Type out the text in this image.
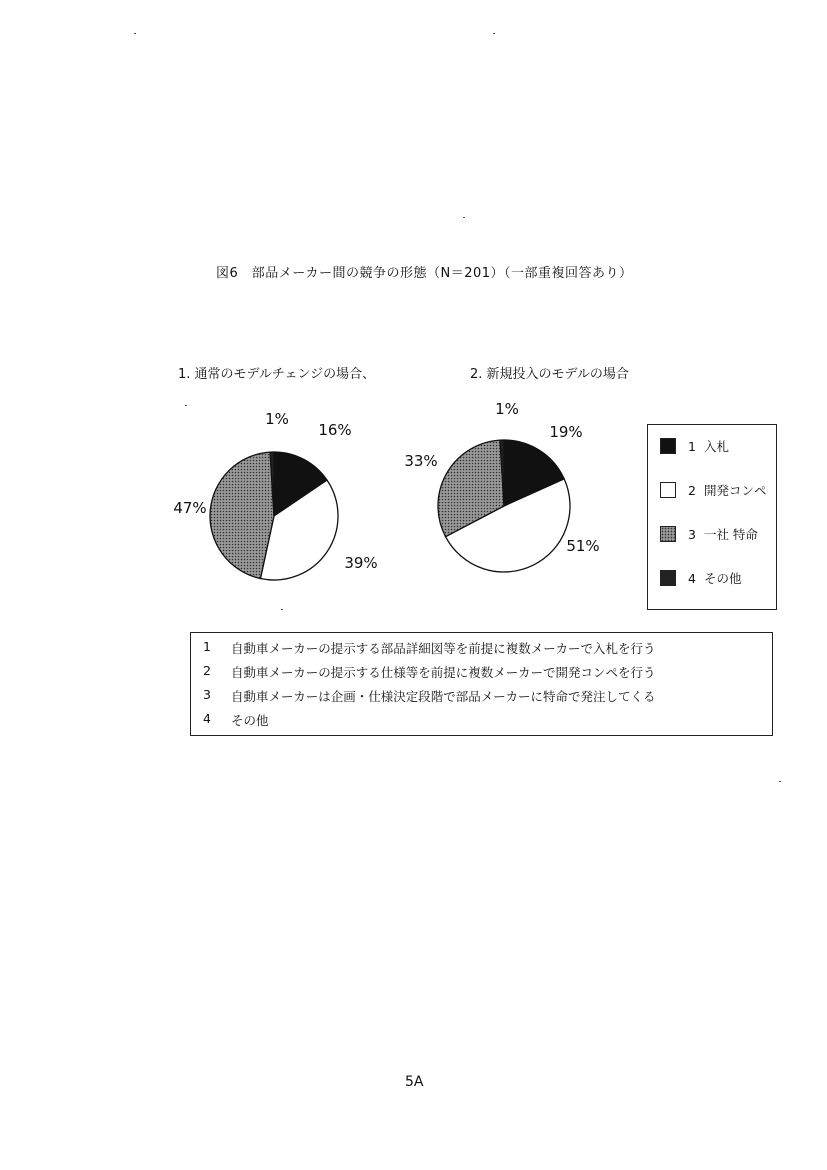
図6　部品メーカー間の競争の形態（N＝201）（一部重複回答あり）
1. 通常のモデルチェンジの場合、	2. 新規投入のモデルの場合
16%
39%
47%
1%
19%
51%
33%
1%
1 入札
2 開発コンペ
3 一社 特命
4 その他
1	自動車メーカーの提示する部品詳細図等を前提に複数メーカーで入札を行う
2	自動車メーカーの提示する仕様等を前提に複数メーカーで開発コンペを行う
3	自動車メーカーは企画・仕様決定段階で部品メーカーに特命で発注してくる
4	その他
5A
